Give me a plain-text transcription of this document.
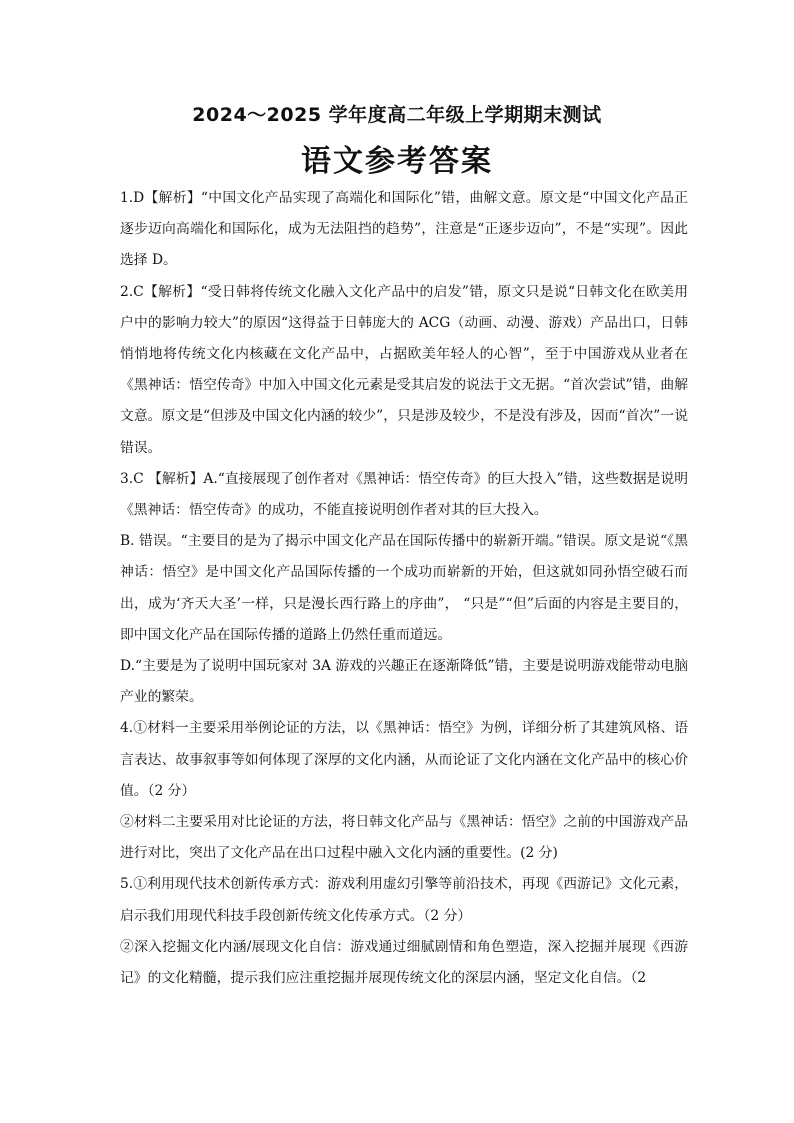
2024～2025 学年度高二年级上学期期末测试
语文参考答案

1.D【解析】“中国文化产品实现了高端化和国际化”错，曲解文意。原文是“中国文化产品正逐步迈向高端化和国际化，成为无法阻挡的趋势”，注意是“正逐步迈向”，不是“实现”。因此选择 D。

2.C【解析】“受日韩将传统文化融入文化产品中的启发”错，原文只是说“日韩文化在欧美用户中的影响力较大”的原因“这得益于日韩庞大的 ACG（动画、动漫、游戏）产品出口，日韩悄悄地将传统文化内核藏在文化产品中，占据欧美年轻人的心智”，至于中国游戏从业者在《黑神话：悟空传奇》中加入中国文化元素是受其启发的说法于文无据。“首次尝试”错，曲解文意。原文是“但涉及中国文化内涵的较少”，只是涉及较少，不是没有涉及，因而“首次”一说错误。

3.C 【解析】A.“直接展现了创作者对《黑神话：悟空传奇》的巨大投入”错，这些数据是说明《黑神话：悟空传奇》的成功，不能直接说明创作者对其的巨大投入。

B. 错误。“主要目的是为了揭示中国文化产品在国际传播中的崭新开端。”错误。原文是说“《黑神话：悟空》是中国文化产品国际传播的一个成功而崭新的开始，但这就如同孙悟空破石而出，成为‘齐天大圣’一样，只是漫长西行路上的序曲”， “只是”“但”后面的内容是主要目的，即中国文化产品在国际传播的道路上仍然任重而道远。

D.“主要是为了说明中国玩家对 3A 游戏的兴趣正在逐渐降低”错，主要是说明游戏能带动电脑产业的繁荣。

4.①材料一主要采用举例论证的方法，以《黑神话：悟空》为例，详细分析了其建筑风格、语言表达、故事叙事等如何体现了深厚的文化内涵，从而论证了文化内涵在文化产品中的核心价值。（2 分）

②材料二主要采用对比论证的方法，将日韩文化产品与《黑神话：悟空》之前的中国游戏产品进行对比，突出了文化产品在出口过程中融入文化内涵的重要性。(2 分)

5.①利用现代技术创新传承方式：游戏利用虚幻引擎等前沿技术，再现《西游记》文化元素，启示我们用现代科技手段创新传统文化传承方式。（2 分）

②深入挖掘文化内涵/展现文化自信：游戏通过细腻剧情和角色塑造，深入挖掘并展现《西游记》的文化精髓，提示我们应注重挖掘并展现传统文化的深层内涵，坚定文化自信。（2
